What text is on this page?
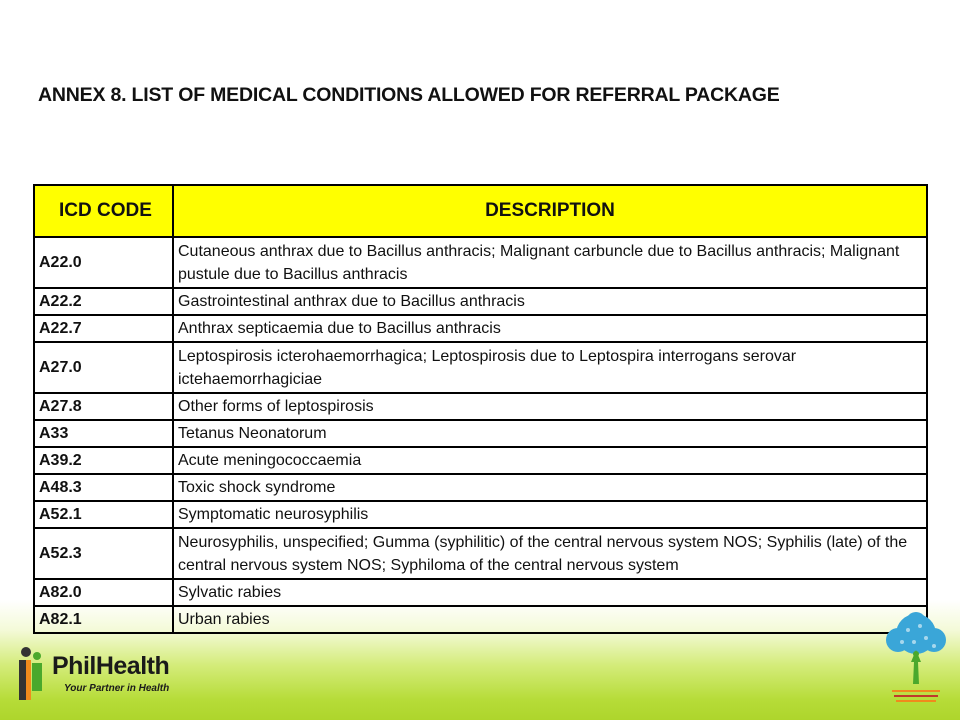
ANNEX 8. LIST OF MEDICAL CONDITIONS ALLOWED FOR REFERRAL PACKAGE
ICD CODE	DESCRIPTION
A22.0	Cutaneous anthrax due to Bacillus anthracis; Malignant carbuncle due to Bacillus anthracis; Malignant pustule due to Bacillus anthracis
A22.2	Gastrointestinal anthrax due to Bacillus anthracis
A22.7	Anthrax septicaemia due to Bacillus anthracis
A27.0	Leptospirosis icterohaemorrhagica; Leptospirosis due to Leptospira interrogans serovar ictehaemorrhagiciae
A27.8	Other forms of leptospirosis
A33	Tetanus Neonatorum
A39.2	Acute meningococcaemia
A48.3	Toxic shock syndrome
A52.1	Symptomatic neurosyphilis
A52.3	Neurosyphilis, unspecified; Gumma (syphilitic) of the central nervous system NOS; Syphilis (late) of the central nervous system NOS; Syphiloma of the central nervous system
A82.0	Sylvatic rabies
A82.1	Urban rabies
PhilHealth
Your Partner in Health
